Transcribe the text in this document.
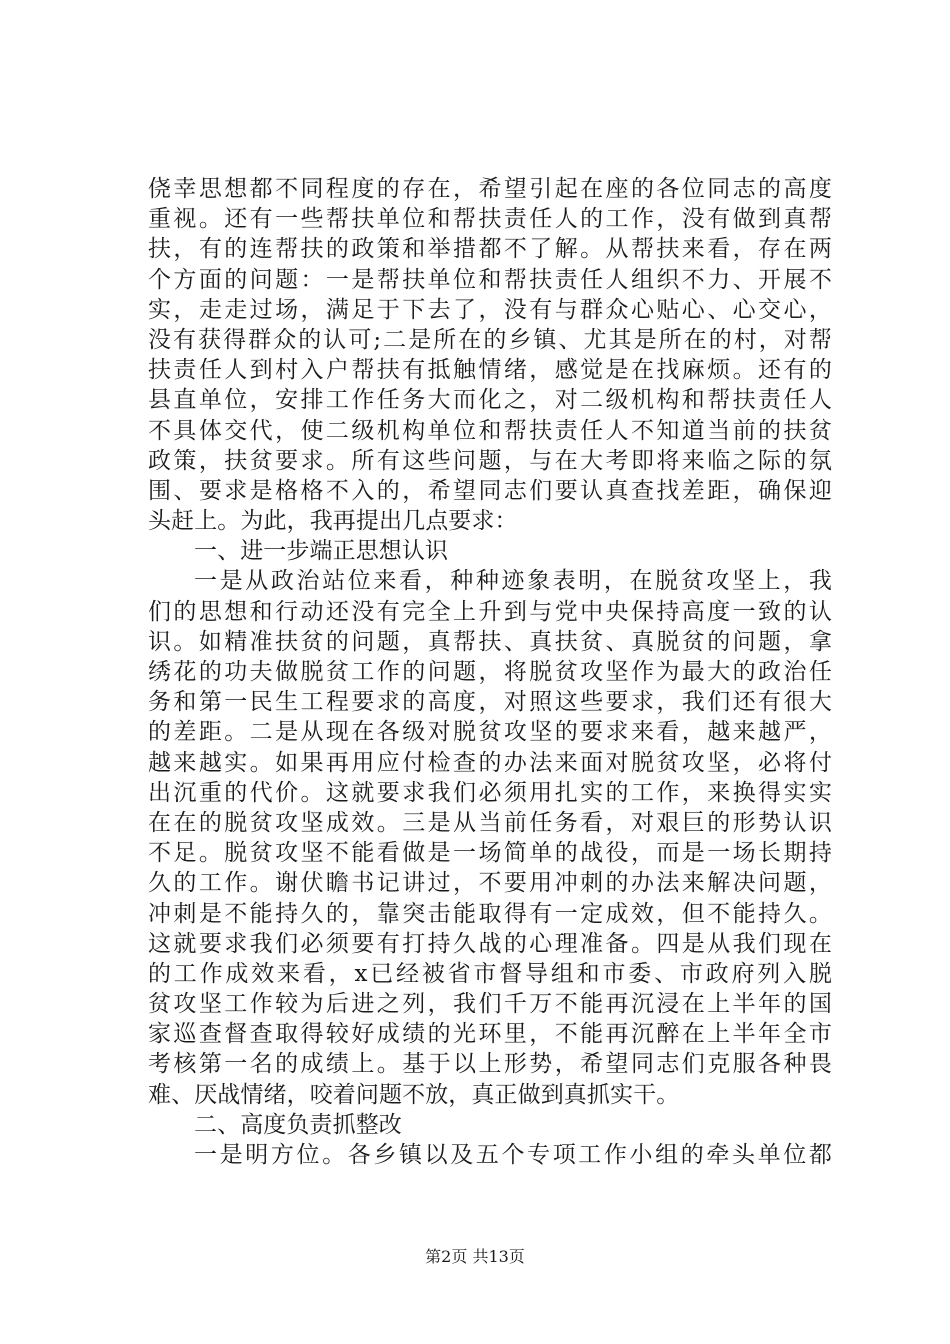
侥幸思想都不同程度的存在，希望引起在座的各位同志的高度
重视。还有一些帮扶单位和帮扶责任人的工作，没有做到真帮
扶，有的连帮扶的政策和举措都不了解。从帮扶来看，存在两
个方面的问题：一是帮扶单位和帮扶责任人组织不力、开展不
实，走走过场，满足于下去了，没有与群众心贴心、心交心，
没有获得群众的认可;二是所在的乡镇、尤其是所在的村，对帮
扶责任人到村入户帮扶有抵触情绪，感觉是在找麻烦。还有的
县直单位，安排工作任务大而化之，对二级机构和帮扶责任人
不具体交代，使二级机构单位和帮扶责任人不知道当前的扶贫
政策，扶贫要求。所有这些问题，与在大考即将来临之际的氛
围、要求是格格不入的，希望同志们要认真查找差距，确保迎
头赶上。为此，我再提出几点要求：
一、进一步端正思想认识
一是从政治站位来看，种种迹象表明，在脱贫攻坚上，我
们的思想和行动还没有完全上升到与党中央保持高度一致的认
识。如精准扶贫的问题，真帮扶、真扶贫、真脱贫的问题，拿
绣花的功夫做脱贫工作的问题，将脱贫攻坚作为最大的政治任
务和第一民生工程要求的高度，对照这些要求，我们还有很大
的差距。二是从现在各级对脱贫攻坚的要求来看，越来越严，
越来越实。如果再用应付检查的办法来面对脱贫攻坚，必将付
出沉重的代价。这就要求我们必须用扎实的工作，来换得实实
在在的脱贫攻坚成效。三是从当前任务看，对艰巨的形势认识
不足。脱贫攻坚不能看做是一场简单的战役，而是一场长期持
久的工作。谢伏瞻书记讲过，不要用冲刺的办法来解决问题，
冲刺是不能持久的，靠突击能取得有一定成效，但不能持久。
这就要求我们必须要有打持久战的心理准备。四是从我们现在
的工作成效来看，x已经被省市督导组和市委、市政府列入脱
贫攻坚工作较为后进之列，我们千万不能再沉浸在上半年的国
家巡查督查取得较好成绩的光环里，不能再沉醉在上半年全市
考核第一名的成绩上。基于以上形势，希望同志们克服各种畏
难、厌战情绪，咬着问题不放，真正做到真抓实干。
二、高度负责抓整改
一是明方位。各乡镇以及五个专项工作小组的牵头单位都
第2页 共13页
